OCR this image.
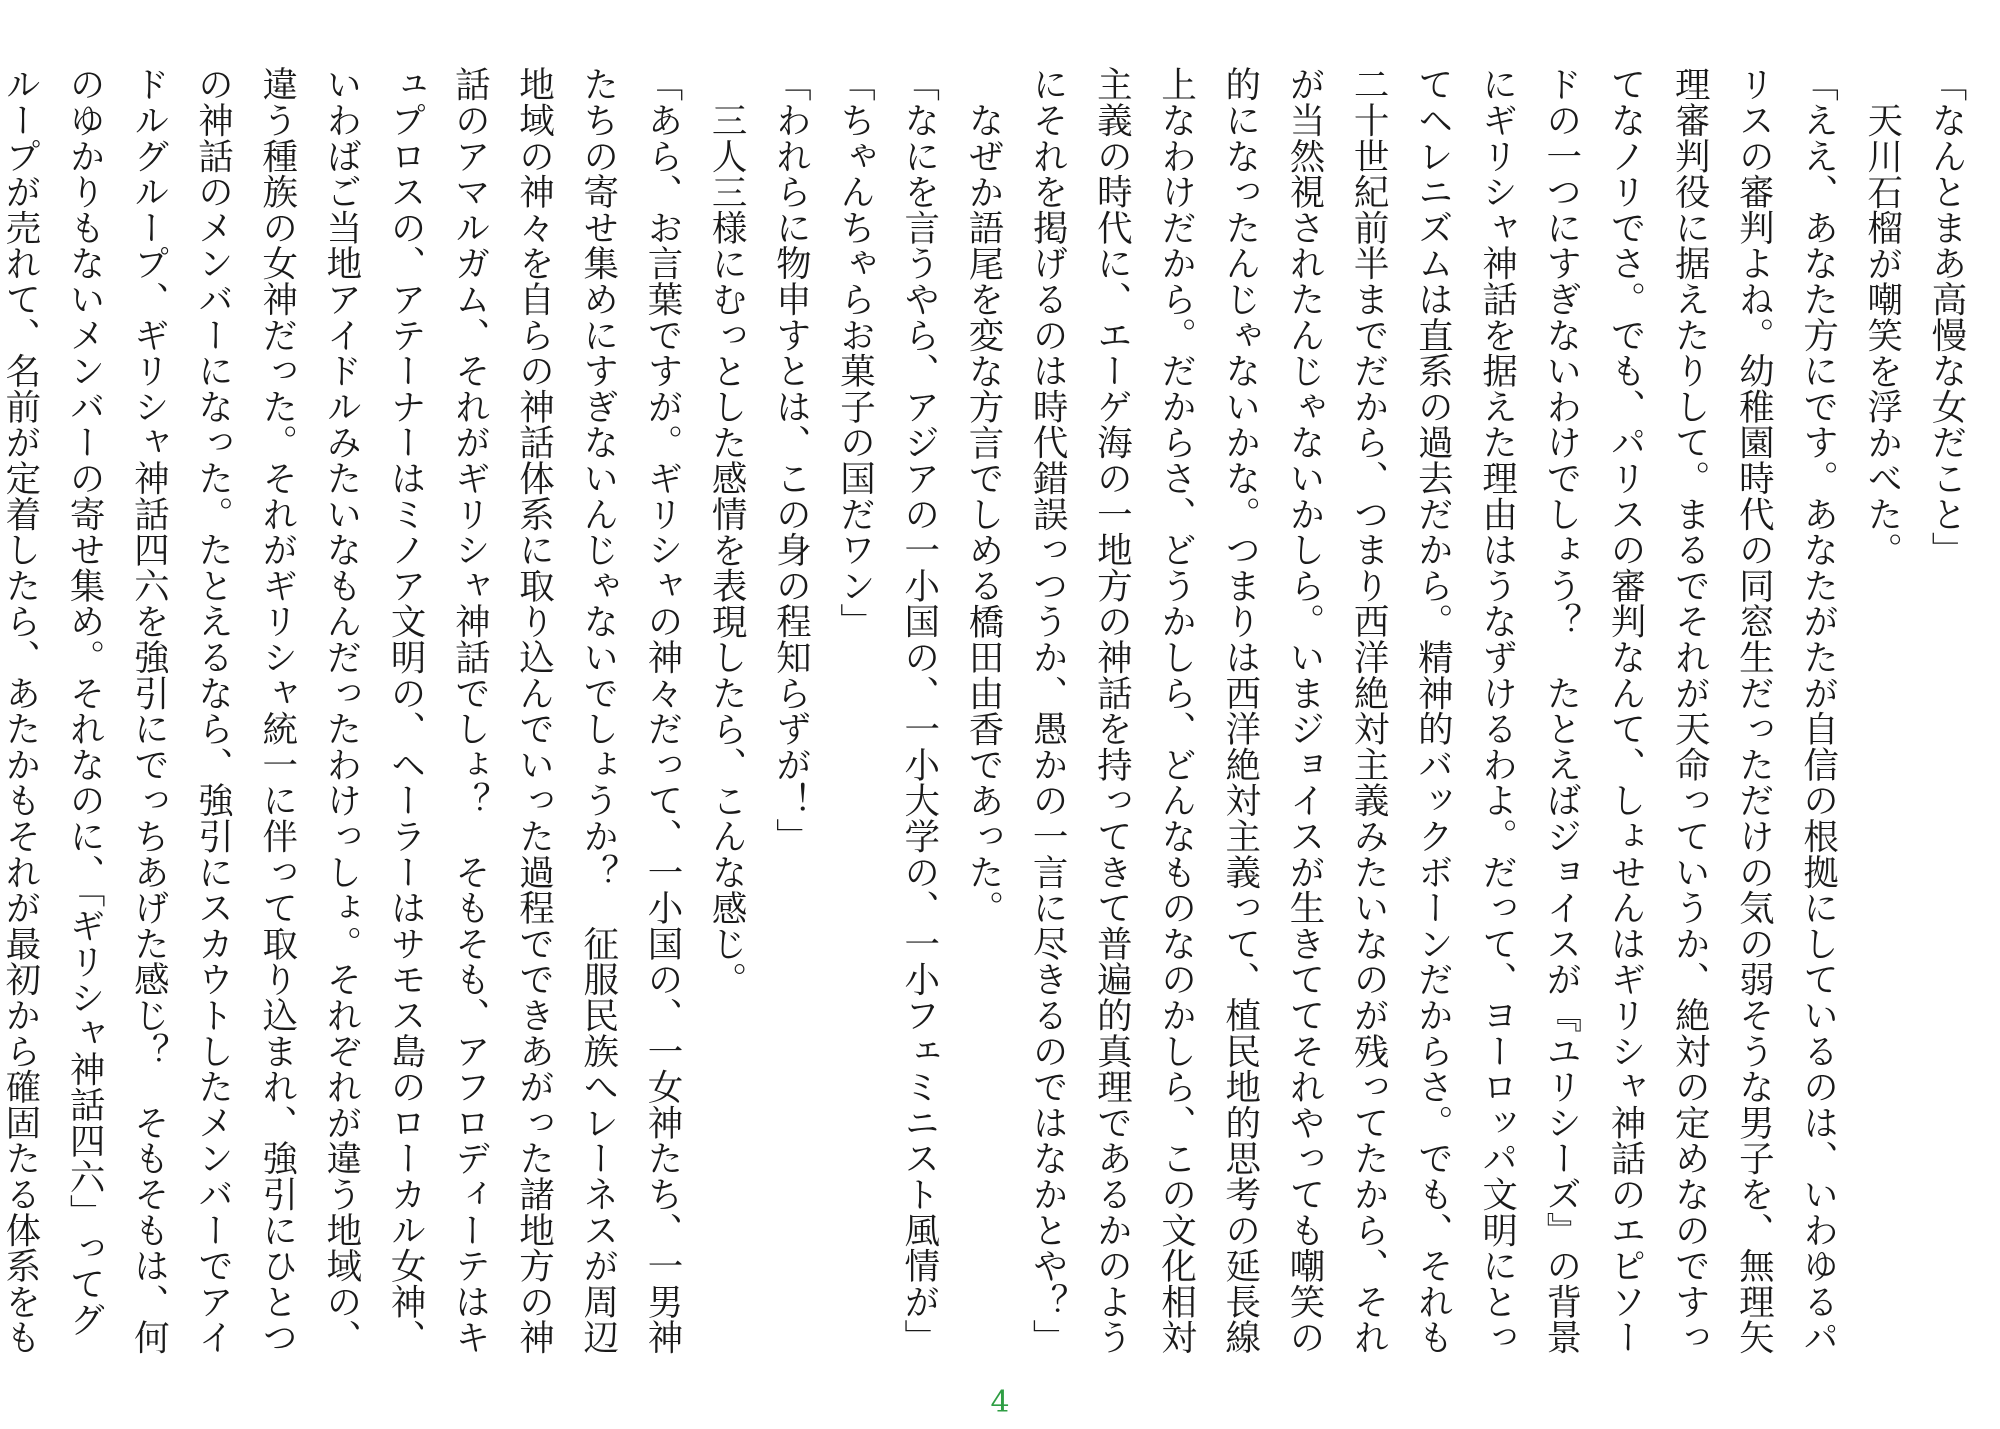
「なんとまあ高慢な女だこと」

天川石榴が嘲笑を浮かべた。

「ええ、あなた方にです。あなたがたが自信の根拠にしているのは、いわゆるパリスの審判よね。幼稚園時代の同窓生だっただけの気の弱そうな男子を、無理矢理審判役に据えたりして。まるでそれが天命っていうか、絶対の定めなのですってなノリでさ。でも、パリスの審判なんて、しょせんはギリシャ神話のエピソードの一つにすぎないわけでしょう？　たとえばジョイスが『ユリシーズ』の背景にギリシャ神話を据えた理由はうなずけるわよ。だって、ヨーロッパ文明にとってヘレニズムは直系の過去だから。精神的バックボーンだからさ。でも、それも二十世紀前半までだから、つまり西洋絶対主義みたいなのが残ってたから、それが当然視されたんじゃないかしら。いまジョイスが生きててそれやっても嘲笑の的になったんじゃないかな。つまりは西洋絶対主義って、植民地的思考の延長線上なわけだから。だからさ、どうかしら、どんなものなのかしら、この文化相対主義の時代に、エーゲ海の一地方の神話を持ってきて普遍的真理であるかのようにそれを掲げるのは時代錯誤っつうか、愚かの一言に尽きるのではなかとや？」

なぜか語尾を変な方言でしめる橋田由香であった。

「なにを言うやら、アジアの一小国の、一小大学の、一小フェミニスト風情が」

「ちゃんちゃらお菓子の国だワン」

「われらに物申すとは、この身の程知らずが！」

三人三様にむっとした感情を表現したら、こんな感じ。

「あら、お言葉ですが。ギリシャの神々だって、一小国の、一女神たち、一男神たちの寄せ集めにすぎないんじゃないでしょうか？　征服民族へレーネスが周辺地域の神々を自らの神話体系に取り込んでいった過程でできあがった諸地方の神話のアマルガム、それがギリシャ神話でしょ？　そもそも、アフロディーテはキュプロスの、アテーナーはミノア文明の、ヘーラーはサモス島のローカル女神、いわばご当地アイドルみたいなもんだったわけっしょ。それぞれが違う地域の、違う種族の女神だった。それがギリシャ統一に伴って取り込まれ、強引にひとつの神話のメンバーになった。たとえるなら、強引にスカウトしたメンバーでアイドルグループ、ギリシャ神話四六を強引にでっちあげた感じ？　そもそもは、何のゆかりもないメンバーの寄せ集め。それなのに、「ギリシャ神話四六」ってグループが売れて、名前が定着したら、あたかもそれが最初から確固たる体系をも

4
